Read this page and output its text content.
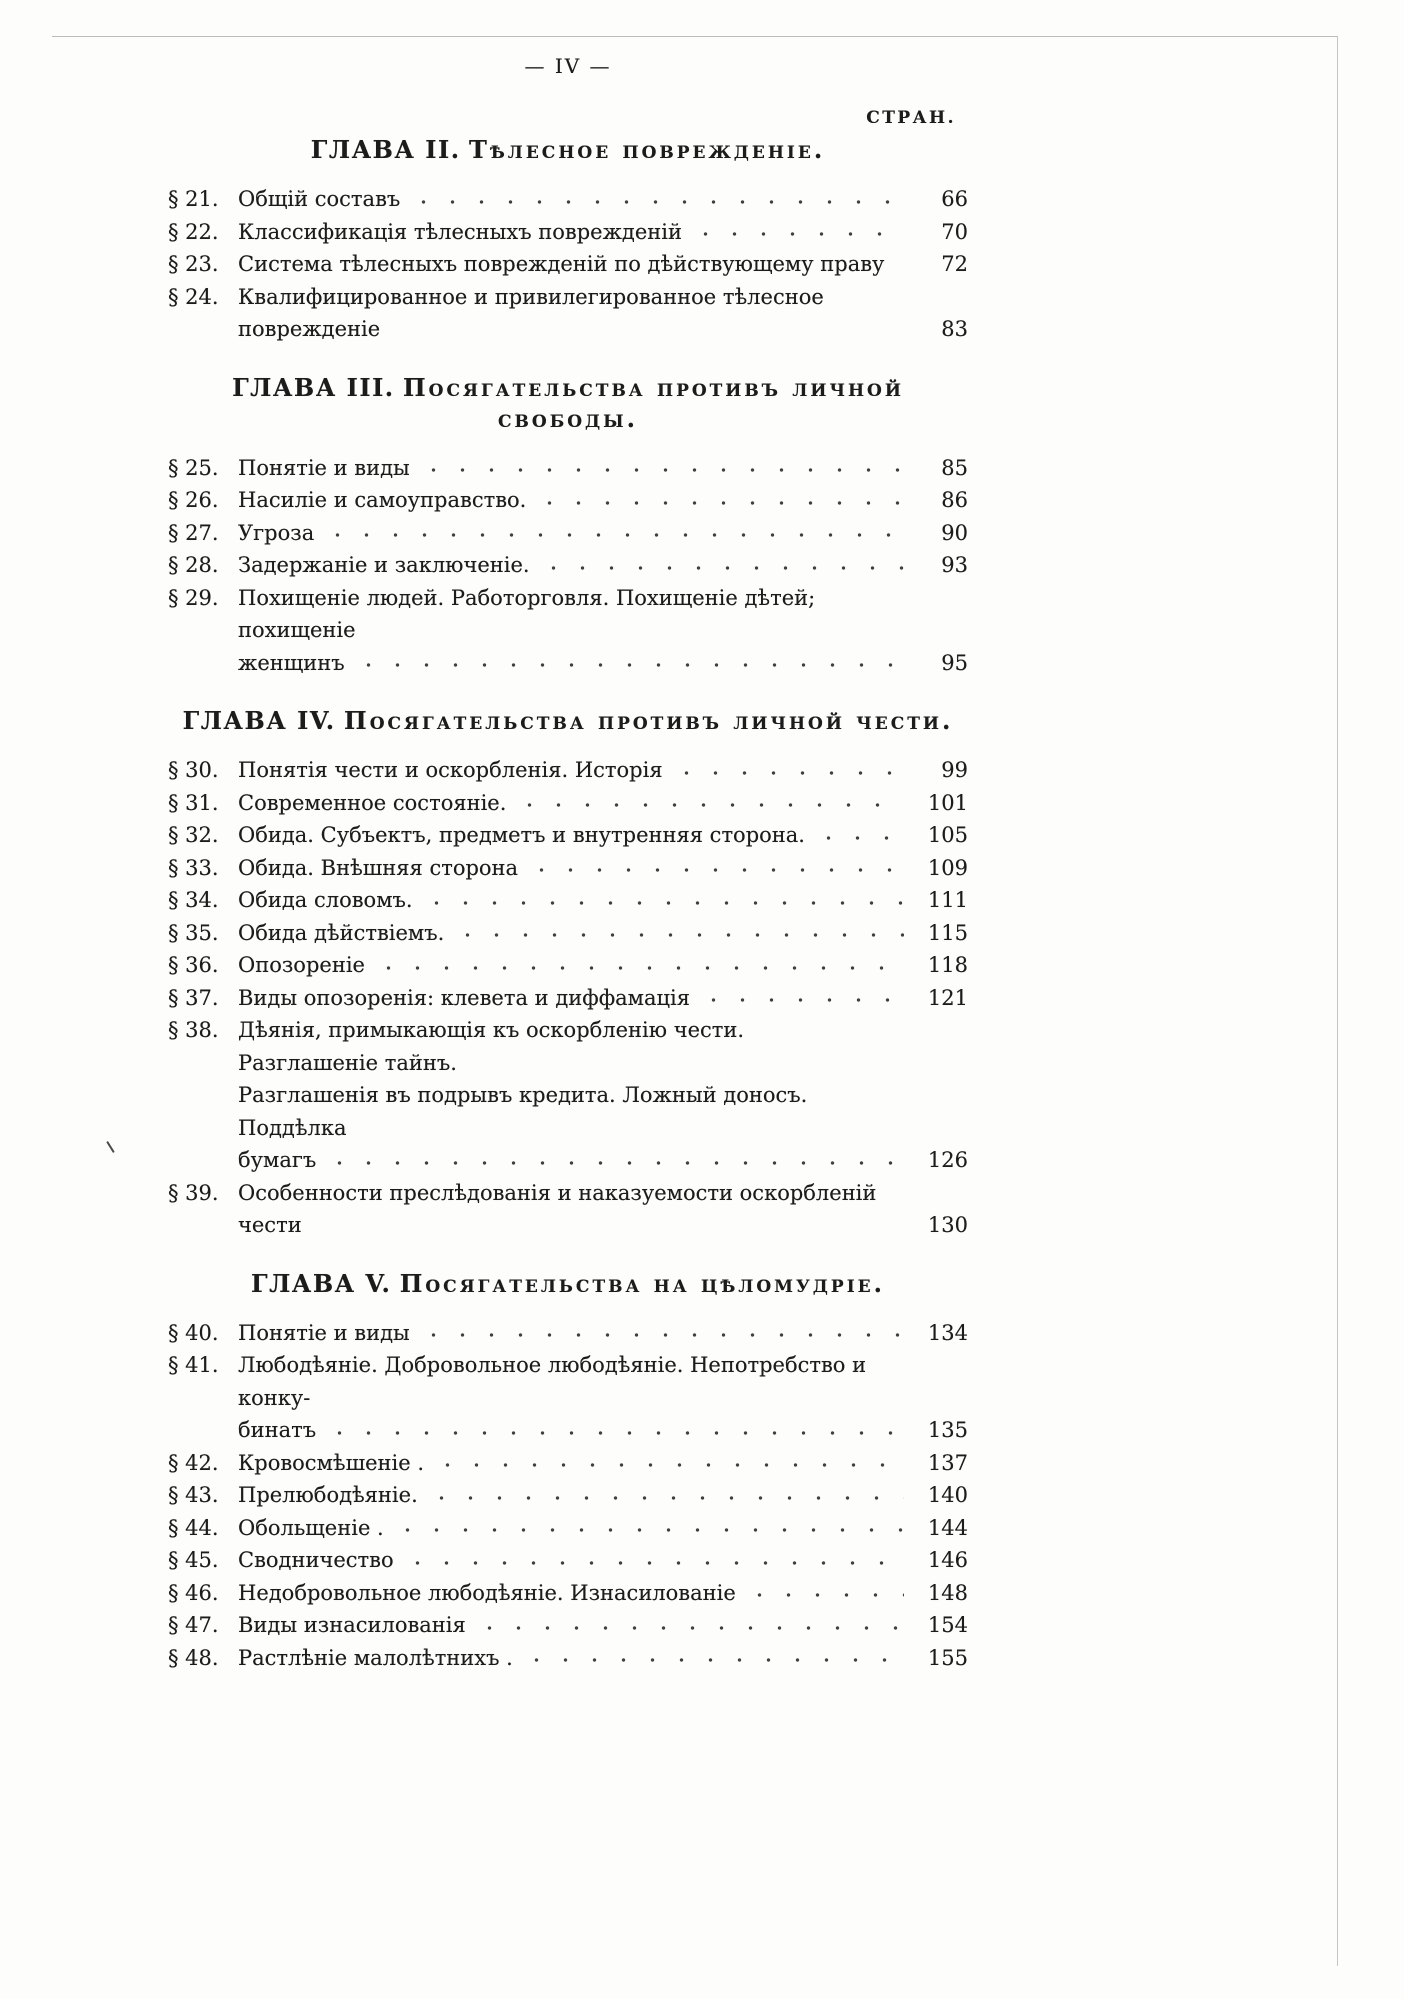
— IV —
СТРАН.
ГЛАВА II. Тѣлесное поврежденіе.
§ 21. Общій составъ	66
§ 22. Классификація тѣлесныхъ поврежденій	70
§ 23. Система тѣлесныхъ поврежденій по дѣйствующему праву	72
§ 24. Квалифицированное и привилегированное тѣлесное поврежденіе	83
ГЛАВА III. Посягательства противъ личной свободы.
§ 25. Понятіе и виды	85
§ 26. Насиліе и самоуправство.	86
§ 27. Угроза	90
§ 28. Задержаніе и заключеніе.	93
§ 29. Похищеніе людей. Работорговля. Похищеніе дѣтей; похищеніе
женщинъ	95
ГЛАВА IV. Посягательства противъ личной чести.
§ 30. Понятія чести и оскорбленія. Исторія	99
§ 31. Современное состояніе.	101
§ 32. Обида. Субъектъ, предметъ и внутренняя сторона.	105
§ 33. Обида. Внѣшняя сторона	109
§ 34. Обида словомъ.	111
§ 35. Обида дѣйствіемъ.	115
§ 36. Опозореніе	118
§ 37. Виды опозоренія: клевета и диффамація	121
§ 38. Дѣянія, примыкающія къ оскорбленію чести. Разглашеніе тайнъ.
Разглашенія въ подрывъ кредита. Ложный доносъ. Поддѣлка
бумагъ	126
§ 39. Особенности преслѣдованія и наказуемости оскорбленій чести	130
ГЛАВА V. Посягательства на цѣломудріе.
§ 40. Понятіе и виды	134
§ 41. Любодѣяніе. Добровольное любодѣяніе. Непотребство и конку-
бинатъ	135
§ 42. Кровосмѣшеніе .	137
§ 43. Прелюбодѣяніе.	140
§ 44. Обольщеніе .	144
§ 45. Сводничество	146
§ 46. Недобровольное любодѣяніе. Изнасилованіе	148
§ 47. Виды изнасилованія	154
§ 48. Растлѣніе малолѣтнихъ .	155
